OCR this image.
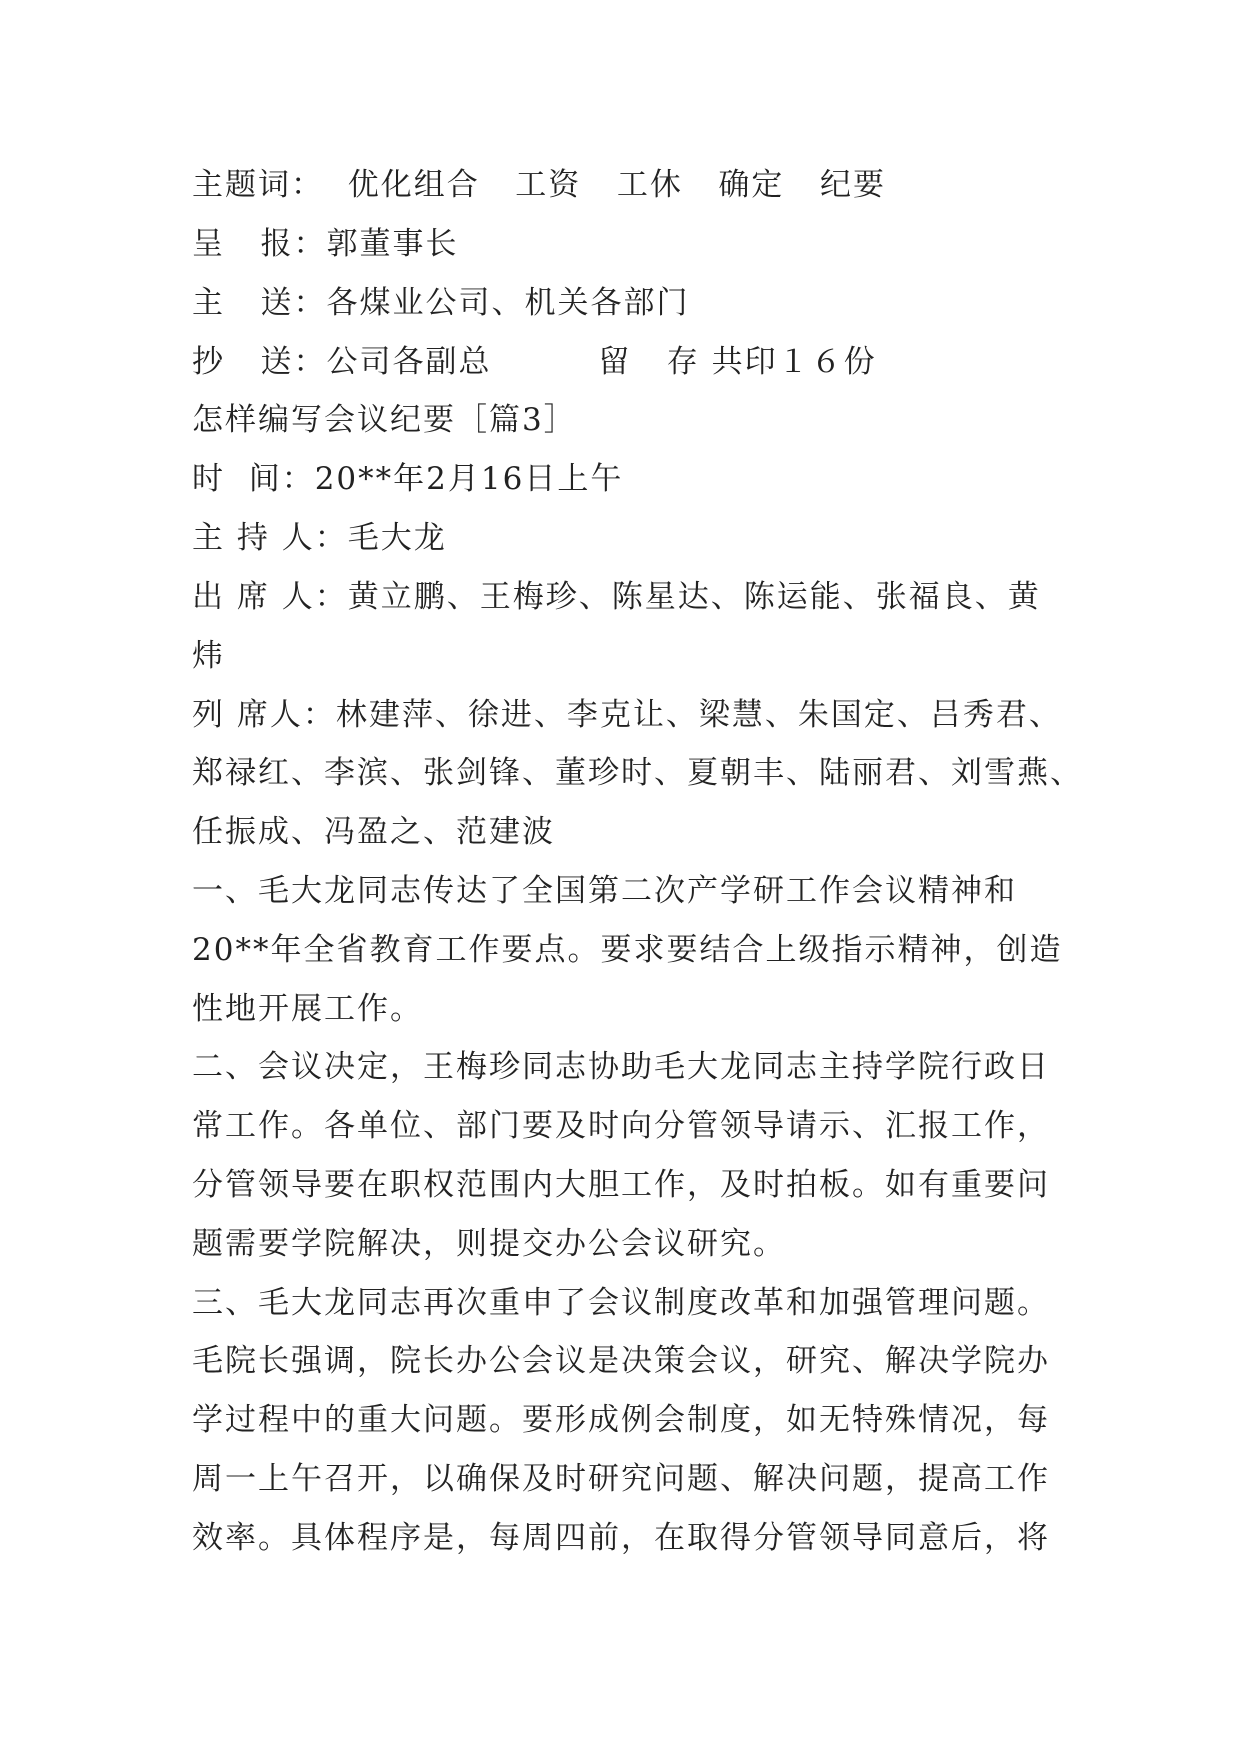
主题词：  优化组合   工资   工休   确定   纪要
呈   报：郭董事长
主   送：各煤业公司、机关各部门
抄   送：公司各副总         留   存 共印１６份
怎样编写会议纪要［篇3］
时  间：20**年2月16日上午
主 持 人：毛大龙
出 席 人：黄立鹏、王梅珍、陈星达、陈运能、张福良、黄
炜
列 席人：林建萍、徐进、李克让、梁慧、朱国定、吕秀君、
郑禄红、李滨、张剑锋、董珍时、夏朝丰、陆丽君、刘雪燕、
任振成、冯盈之、范建波
一、毛大龙同志传达了全国第二次产学研工作会议精神和
20**年全省教育工作要点。要求要结合上级指示精神，创造
性地开展工作。
二、会议决定，王梅珍同志协助毛大龙同志主持学院行政日
常工作。各单位、部门要及时向分管领导请示、汇报工作，
分管领导要在职权范围内大胆工作，及时拍板。如有重要问
题需要学院解决，则提交办公会议研究。
三、毛大龙同志再次重申了会议制度改革和加强管理问题。
毛院长强调，院长办公会议是决策会议，研究、解决学院办
学过程中的重大问题。要形成例会制度，如无特殊情况，每
周一上午召开，以确保及时研究问题、解决问题，提高工作
效率。具体程序是，每周四前，在取得分管领导同意后，将
